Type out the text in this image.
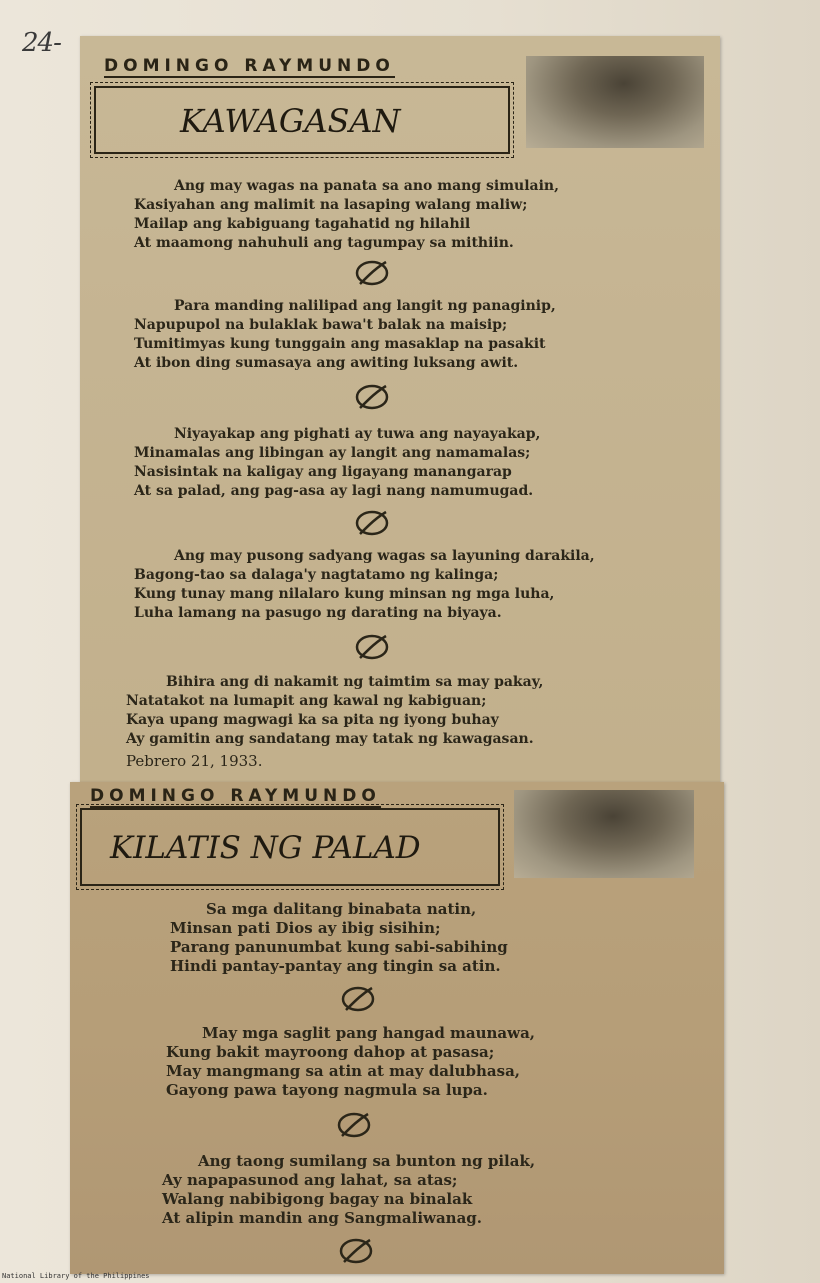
24-
DOMINGO RAYMUNDO
KAWAGASAN
Ang may wagas na panata sa ano mang simulain,
Kasiyahan ang malimit na lasaping walang maliw;
Mailap ang kabiguang tagahatid ng hilahil
At maamong nahuhuli ang tagumpay sa mithiin.
Para manding nalilipad ang langit ng panaginip,
Napupupol na bulaklak bawa't balak na maisip;
Tumitimyas kung tunggain ang masaklap na pasakit
At ibon ding sumasaya ang awiting luksang awit.
Niyayakap ang pighati ay tuwa ang nayayakap,
Minamalas ang libingan ay langit ang namamalas;
Nasisintak na kaligay ang ligayang manangarap
At sa palad, ang pag-asa ay lagi nang namumugad.
Ang may pusong sadyang wagas sa layuning darakila,
Bagong-tao sa dalaga'y nagtatamo ng kalinga;
Kung tunay mang nilalaro kung minsan ng mga luha,
Luha lamang na pasugo ng darating na biyaya.
Bihira ang di nakamit ng taimtim sa may pakay,
Natatakot na lumapit ang kawal ng kabiguan;
Kaya upang magwagi ka sa pita ng iyong buhay
Ay gamitin ang sandatang may tatak ng kawagasan.
Pebrero 21, 1933.
DOMINGO RAYMUNDO
KILATIS NG PALAD
Sa mga dalitang binabata natin,
Minsan pati Dios ay ibig sisihin;
Parang panunumbat kung sabi-sabihing
Hindi pantay-pantay ang tingin sa atin.
May mga saglit pang hangad maunawa,
Kung bakit mayroong dahop at pasasa;
May mangmang sa atin at may dalubhasa,
Gayong pawa tayong nagmula sa lupa.
Ang taong sumilang sa bunton ng pilak,
Ay napapasunod ang lahat, sa atas;
Walang nabibigong bagay na binalak
At alipin mandin ang Sangmaliwanag.
National Library of the Philippines
